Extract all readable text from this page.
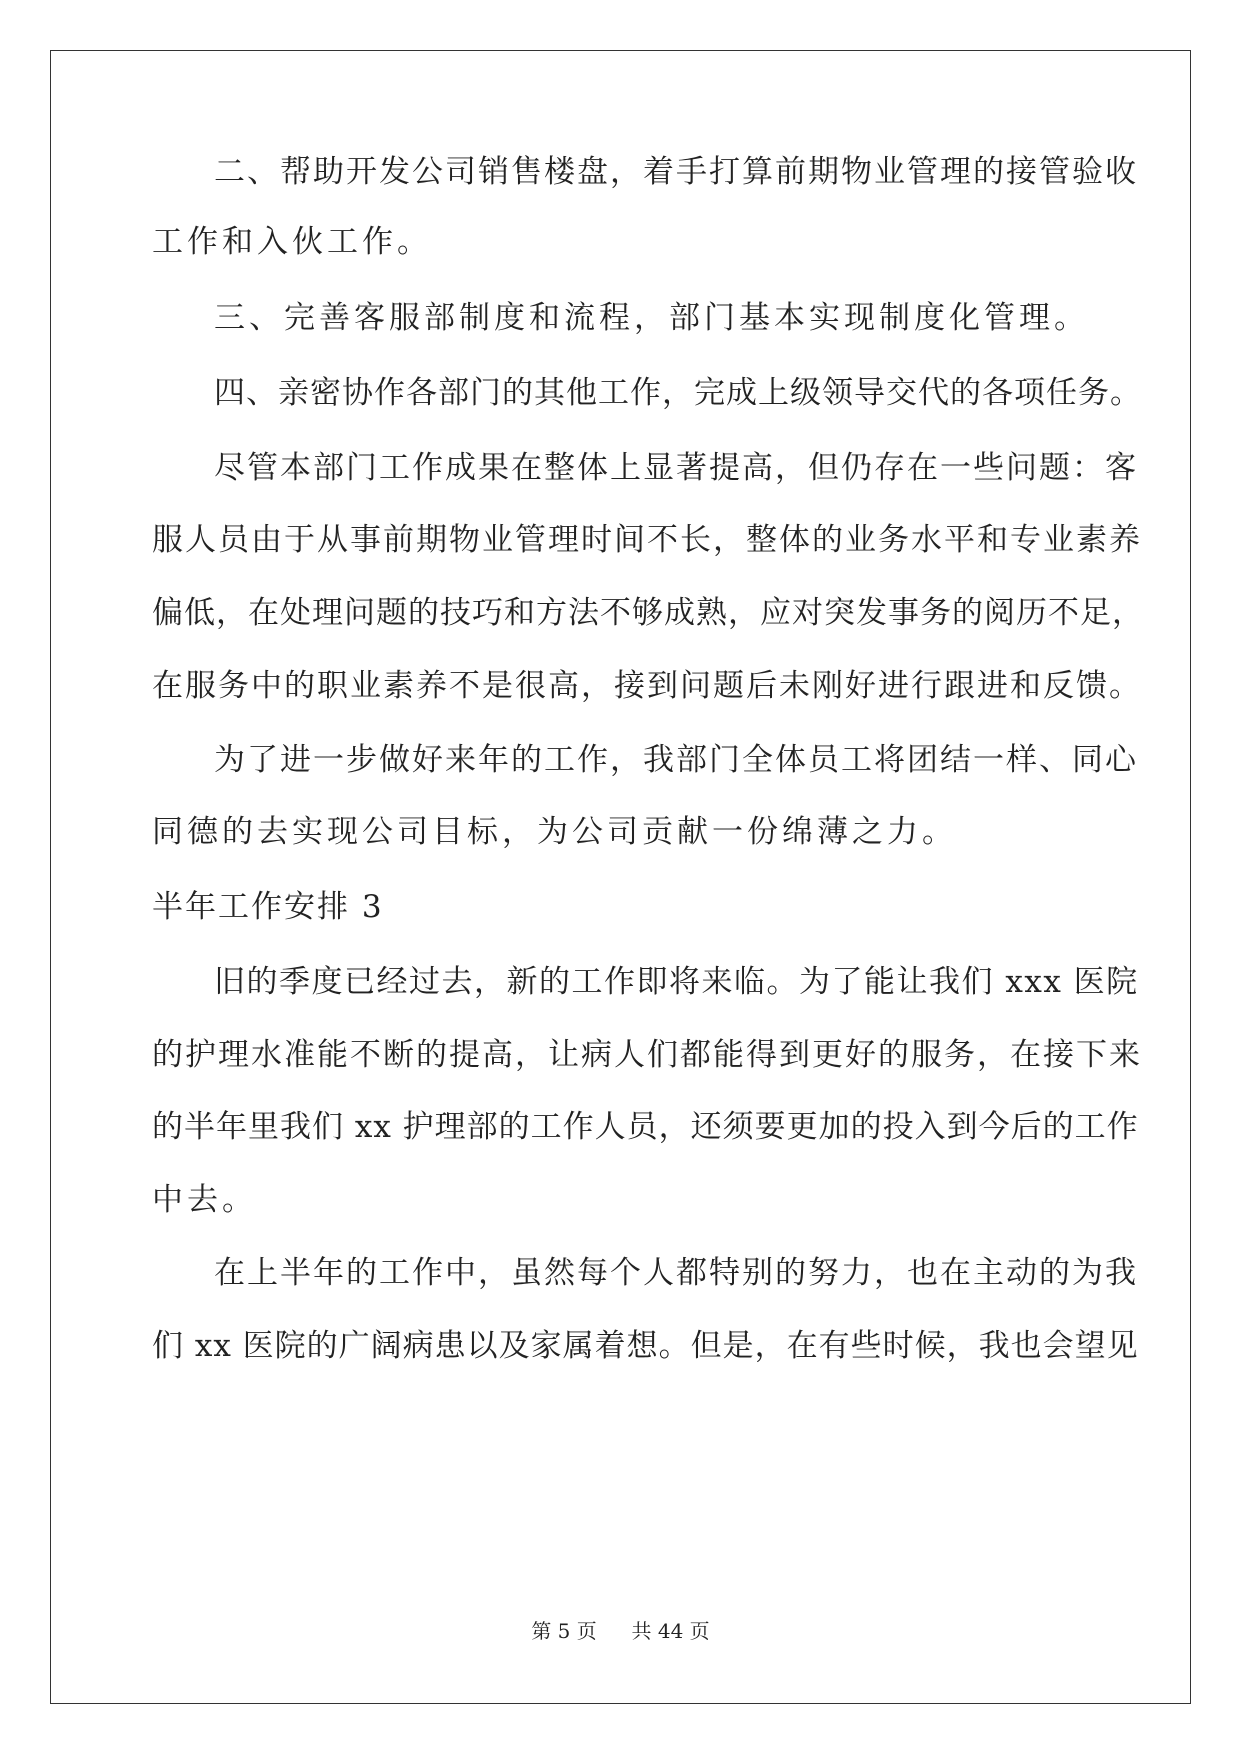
二、帮助开发公司销售楼盘，着手打算前期物业管理的接管验收
工作和入伙工作。
三、完善客服部制度和流程，部门基本实现制度化管理。
四、亲密协作各部门的其他工作，完成上级领导交代的各项任务。
尽管本部门工作成果在整体上显著提高，但仍存在一些问题：客
服人员由于从事前期物业管理时间不长，整体的业务水平和专业素养
偏低，在处理问题的技巧和方法不够成熟，应对突发事务的阅历不足，
在服务中的职业素养不是很高，接到问题后未刚好进行跟进和反馈。
为了进一步做好来年的工作，我部门全体员工将团结一样、同心
同德的去实现公司目标，为公司贡献一份绵薄之力。
半年工作安排 3
旧的季度已经过去，新的工作即将来临。为了能让我们 xxx 医院
的护理水准能不断的提高，让病人们都能得到更好的服务，在接下来
的半年里我们 xx 护理部的工作人员，还须要更加的投入到今后的工作
中去。
在上半年的工作中，虽然每个人都特别的努力，也在主动的为我
们 xx 医院的广阔病患以及家属着想。但是，在有些时候，我也会望见
第 5 页 共 44 页
